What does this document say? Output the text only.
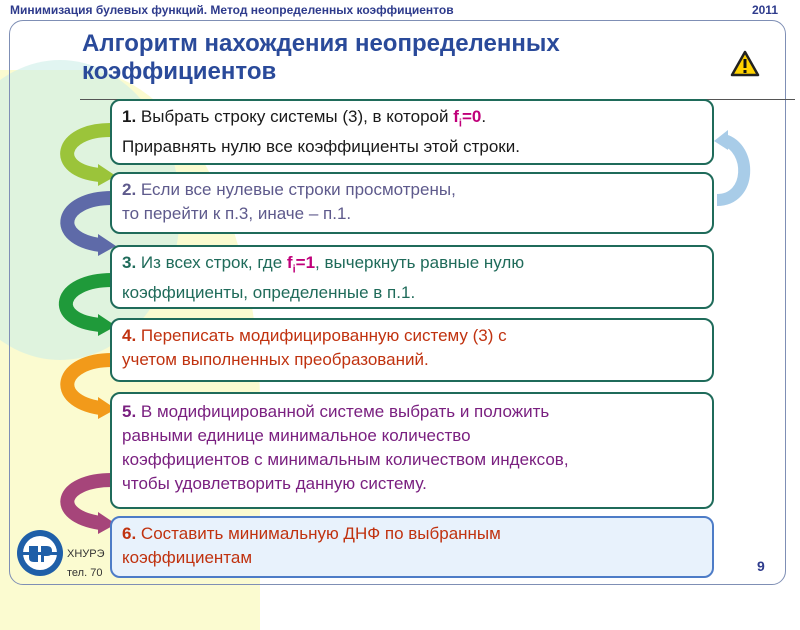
Минимизация булевых функций. Метод неопределенных коэффициентов	2011
Алгоритм нахождения неопределенных коэффициентов
1. Выбрать строку системы (3), в которой $f_i=0$.
Приравнять нулю все коэффициенты этой строки.
2. Если все нулевые строки просмотрены,
то перейти к п.3, иначе – п.1.
3. Из всех строк, где $f_i=1$, вычеркнуть равные нулю
коэффициенты, определенные в п.1.
4. Переписать модифицированную систему (3) с
учетом выполненных преобразований.
5. В модифицированной системе выбрать и положить
равными единице минимальное количество
коэффициентов с минимальным количеством индексов,
чтобы удовлетворить данную систему.
6. Составить минимальную ДНФ по выбранным
коэффициентам
ХНУРЭ
тел. 70	9
